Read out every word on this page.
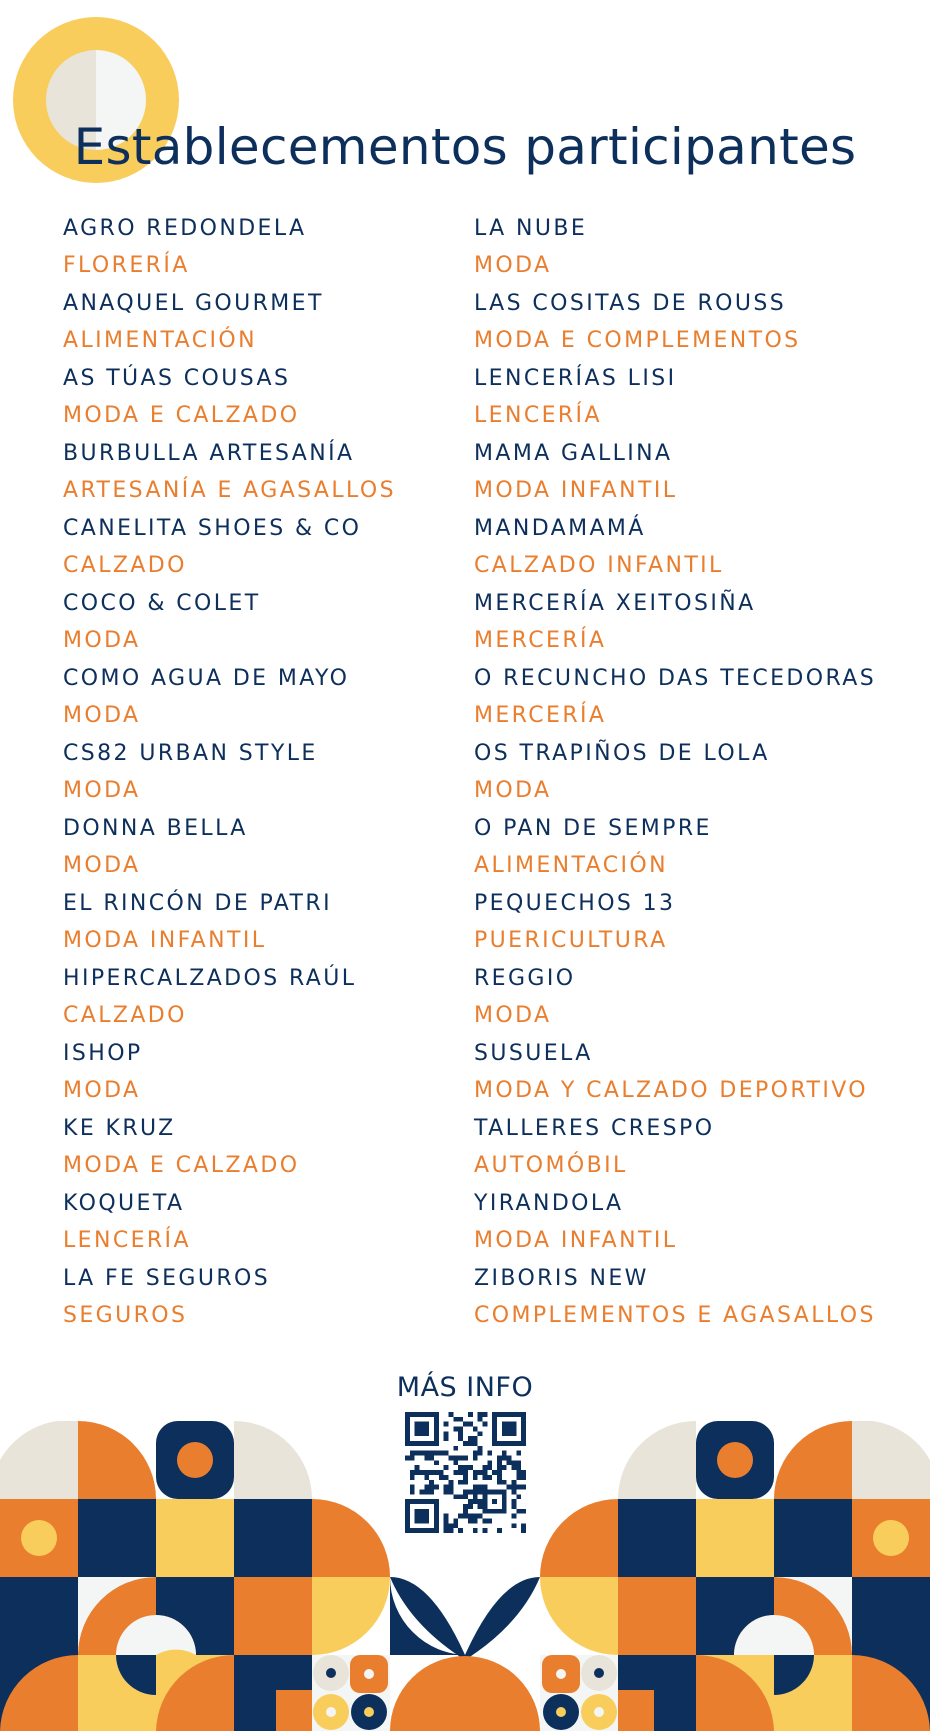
Establecementos participantes
AGRO REDONDELA
FLORERÍA
ANAQUEL GOURMET
ALIMENTACIÓN
AS TÚAS COUSAS
MODA E CALZADO
BURBULLA ARTESANÍA
ARTESANÍA E AGASALLOS
CANELITA SHOES & CO
CALZADO
COCO & COLET
MODA
COMO AGUA DE MAYO
MODA
CS82 URBAN STYLE
MODA
DONNA BELLA
MODA
EL RINCÓN DE PATRI
MODA INFANTIL
HIPERCALZADOS RAÚL
CALZADO
ISHOP
MODA
KE KRUZ
MODA E CALZADO
KOQUETA
LENCERÍA
LA FE SEGUROS
SEGUROS
LA NUBE
MODA
LAS COSITAS DE ROUSS
MODA E COMPLEMENTOS
LENCERÍAS LISI
LENCERÍA
MAMA GALLINA
MODA INFANTIL
MANDAMAMÁ
CALZADO INFANTIL
MERCERÍA XEITOSIÑA
MERCERÍA
O RECUNCHO DAS TECEDORAS
MERCERÍA
OS TRAPIÑOS DE LOLA
MODA
O PAN DE SEMPRE
ALIMENTACIÓN
PEQUECHOS 13
PUERICULTURA
REGGIO
MODA
SUSUELA
MODA Y CALZADO DEPORTIVO
TALLERES CRESPO
AUTOMÓBIL
YIRANDOLA
MODA INFANTIL
ZIBORIS NEW
COMPLEMENTOS E AGASALLOS
MÁS INFO
